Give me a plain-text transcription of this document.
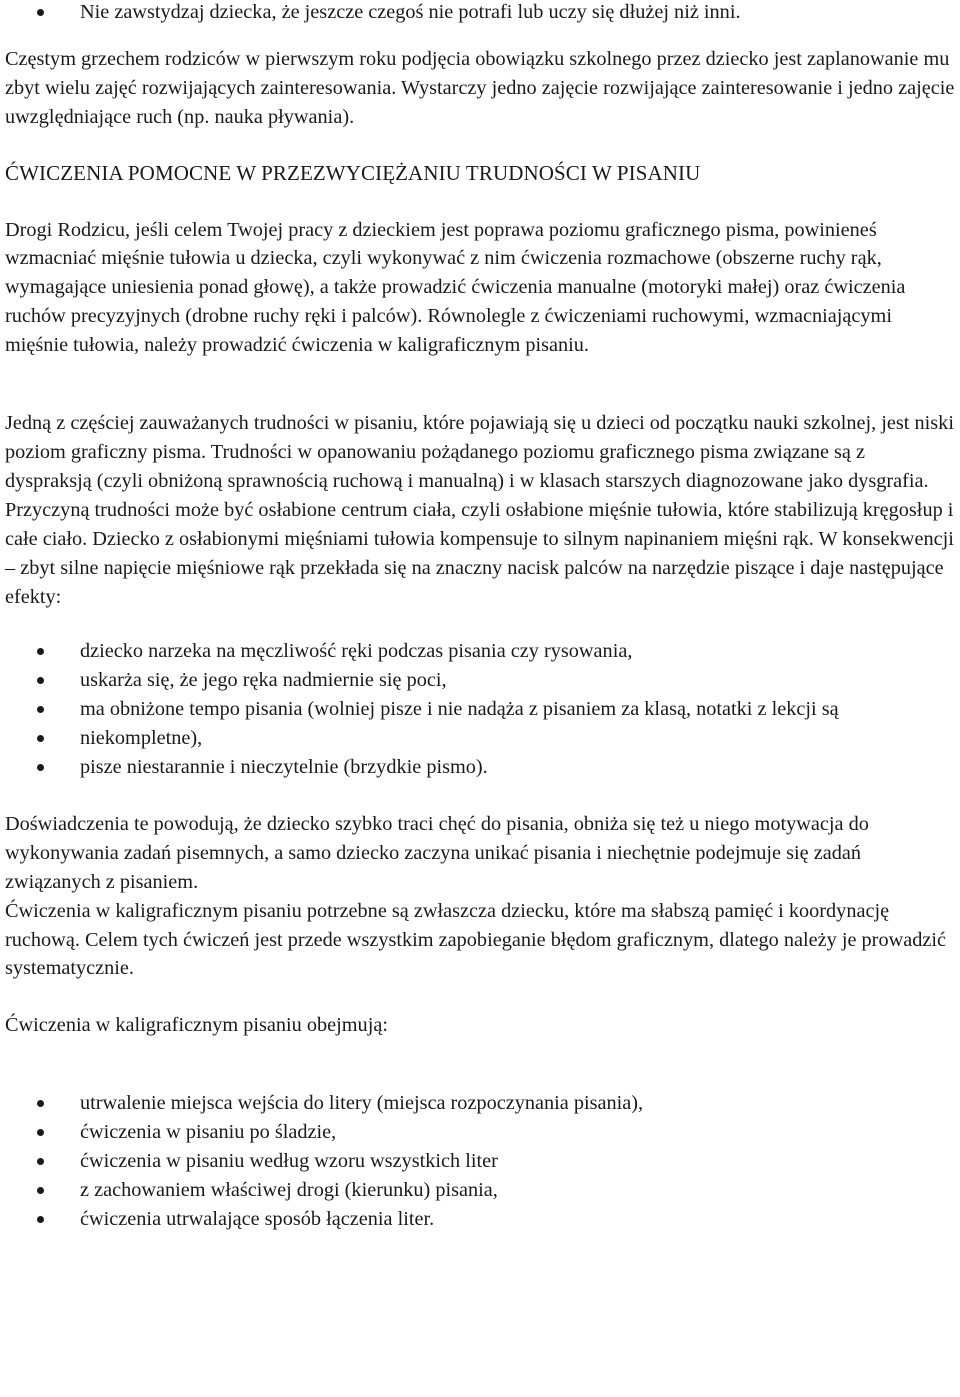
Nie zawstydzaj dziecka, że jeszcze czegoś nie potrafi lub uczy się dłużej niż inni.

Częstym grzechem rodziców w pierwszym roku podjęcia obowiązku szkolnego przez dziecko jest zaplanowanie mu zbyt wielu zajęć rozwijających zainteresowania. Wystarczy jedno zajęcie rozwijające zainteresowanie i jedno zajęcie uwzględniające ruch (np. nauka pływania).

ĆWICZENIA POMOCNE W PRZEZWYCIĘŻANIU TRUDNOŚCI W PISANIU

Drogi Rodzicu, jeśli celem Twojej pracy z dzieckiem jest poprawa poziomu graficznego pisma, powinieneś wzmacniać mięśnie tułowia u dziecka, czyli wykonywać z nim ćwiczenia rozmachowe (obszerne ruchy rąk, wymagające uniesienia ponad głowę), a także prowadzić ćwiczenia manualne (motoryki małej) oraz ćwiczenia ruchów precyzyjnych (drobne ruchy ręki i palców). Równolegle z ćwiczeniami ruchowymi, wzmacniającymi mięśnie tułowia, należy prowadzić ćwiczenia w kaligraficznym pisaniu.

Jedną z częściej zauważanych trudności w pisaniu, które pojawiają się u dzieci od początku nauki szkolnej, jest niski poziom graficzny pisma. Trudności w opanowaniu pożądanego poziomu graficznego pisma związane są z dyspraksją (czyli obniżoną sprawnością ruchową i manualną) i w klasach starszych diagnozowane jako dysgrafia. Przyczyną trudności może być osłabione centrum ciała, czyli osłabione mięśnie tułowia, które stabilizują kręgosłup i całe ciało. Dziecko z osłabionymi mięśniami tułowia kompensuje to silnym napinaniem mięśni rąk. W konsekwencji – zbyt silne napięcie mięśniowe rąk przekłada się na znaczny nacisk palców na narzędzie piszące i daje następujące efekty:

dziecko narzeka na męczliwość ręki podczas pisania czy rysowania,
uskarża się, że jego ręka nadmiernie się poci,
ma obniżone tempo pisania (wolniej pisze i nie nadąża z pisaniem za klasą, notatki z lekcji są
niekompletne),
pisze niestarannie i nieczytelnie (brzydkie pismo).

Doświadczenia te powodują, że dziecko szybko traci chęć do pisania, obniża się też u niego motywacja do wykonywania zadań pisemnych, a samo dziecko zaczyna unikać pisania i niechętnie podejmuje się zadań związanych z pisaniem.

Ćwiczenia w kaligraficznym pisaniu potrzebne są zwłaszcza dziecku, które ma słabszą pamięć i koordynację ruchową. Celem tych ćwiczeń jest przede wszystkim zapobieganie błędom graficznym, dlatego należy je prowadzić systematycznie.

Ćwiczenia w kaligraficznym pisaniu obejmują:

utrwalenie miejsca wejścia do litery (miejsca rozpoczynania pisania),
ćwiczenia w pisaniu po śladzie,
ćwiczenia w pisaniu według wzoru wszystkich liter
z zachowaniem właściwej drogi (kierunku) pisania,
ćwiczenia utrwalające sposób łączenia liter.
